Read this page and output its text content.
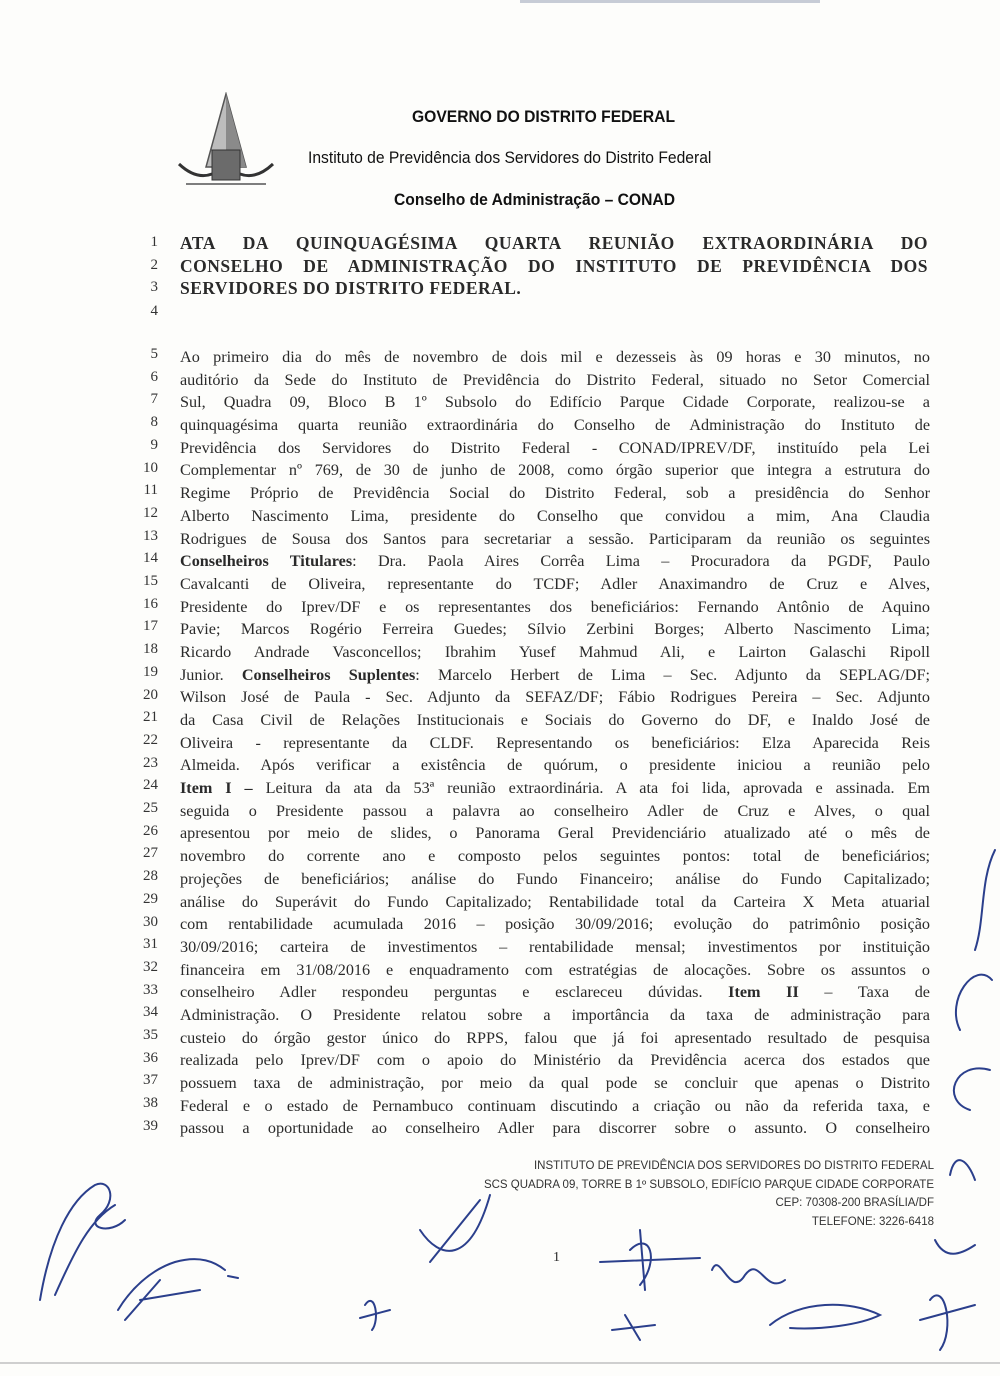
GOVERNO DO DISTRITO FEDERAL
Instituto de Previdência dos Servidores do Distrito Federal
Conselho de Administração – CONAD
ATA DA QUINQUAGÉSIMA QUARTA REUNIÃO EXTRAORDINÁRIA DO
CONSELHO DE ADMINISTRAÇÃO DO INSTITUTO DE PREVIDÊNCIA DOS
SERVIDORES DO DISTRITO FEDERAL.
1
2
3
4
5
6
7
8
9
10
11
12
13
14
15
16
17
18
19
20
21
22
23
24
25
26
27
28
29
30
31
32
33
34
35
36
37
38
39
Ao primeiro dia do mês de novembro de dois mil e dezesseis às 09 horas e 30 minutos, no
auditório da Sede do Instituto de Previdência do Distrito Federal, situado no Setor Comercial
Sul, Quadra 09, Bloco B 1º Subsolo do Edifício Parque Cidade Corporate, realizou-se a
quinquagésima quarta reunião extraordinária do Conselho de Administração do Instituto de
Previdência dos Servidores do Distrito Federal - CONAD/IPREV/DF, instituído pela Lei
Complementar nº 769, de 30 de junho de 2008, como órgão superior que integra a estrutura do
Regime Próprio de Previdência Social do Distrito Federal, sob a presidência do Senhor
Alberto Nascimento Lima, presidente do Conselho que convidou a mim, Ana Claudia
Rodrigues de Sousa dos Santos para secretariar a sessão. Participaram da reunião os seguintes
Conselheiros Titulares: Dra. Paola Aires Corrêa Lima – Procuradora da PGDF, Paulo
Cavalcanti de Oliveira, representante do TCDF; Adler Anaximandro de Cruz e Alves,
Presidente do Iprev/DF e os representantes dos beneficiários: Fernando Antônio de Aquino
Pavie; Marcos Rogério Ferreira Guedes; Sílvio Zerbini Borges; Alberto Nascimento Lima;
Ricardo Andrade Vasconcellos; Ibrahim Yusef Mahmud Ali, e Lairton Galaschi Ripoll
Junior. Conselheiros Suplentes: Marcelo Herbert de Lima – Sec. Adjunto da SEPLAG/DF;
Wilson José de Paula - Sec. Adjunto da SEFAZ/DF; Fábio Rodrigues Pereira – Sec. Adjunto
da Casa Civil de Relações Institucionais e Sociais do Governo do DF, e Inaldo José de
Oliveira - representante da CLDF. Representando os beneficiários: Elza Aparecida Reis
Almeida. Após verificar a existência de quórum, o presidente iniciou a reunião pelo
Item I – Leitura da ata da 53ª reunião extraordinária. A ata foi lida, aprovada e assinada. Em
seguida o Presidente passou a palavra ao conselheiro Adler de Cruz e Alves, o qual
apresentou por meio de slides, o Panorama Geral Previdenciário atualizado até o mês de
novembro do corrente ano e composto pelos seguintes pontos: total de beneficiários;
projeções de beneficiários; análise do Fundo Financeiro; análise do Fundo Capitalizado;
análise do Superávit do Fundo Capitalizado; Rentabilidade total da Carteira X Meta atuarial
com rentabilidade acumulada 2016 – posição 30/09/2016; evolução do patrimônio posição
30/09/2016; carteira de investimentos – rentabilidade mensal; investimentos por instituição
financeira em 31/08/2016 e enquadramento com estratégias de alocações. Sobre os assuntos o
conselheiro Adler respondeu perguntas e esclareceu dúvidas. Item II – Taxa de
Administração. O Presidente relatou sobre a importância da taxa de administração para
custeio do órgão gestor único do RPPS, falou que já foi apresentado resultado de pesquisa
realizada pelo Iprev/DF com o apoio do Ministério da Previdência acerca dos estados que
possuem taxa de administração, por meio da qual pode se concluir que apenas o Distrito
Federal e o estado de Pernambuco continuam discutindo a criação ou não da referida taxa, e
passou a oportunidade ao conselheiro Adler para discorrer sobre o assunto. O conselheiro
INSTITUTO DE PREVIDÊNCIA DOS SERVIDORES DO DISTRITO FEDERAL
SCS QUADRA 09, TORRE B 1º SUBSOLO, EDIFÍCIO PARQUE CIDADE CORPORATE
CEP: 70308-200 BRASÍLIA/DF
TELEFONE: 3226-6418
1
